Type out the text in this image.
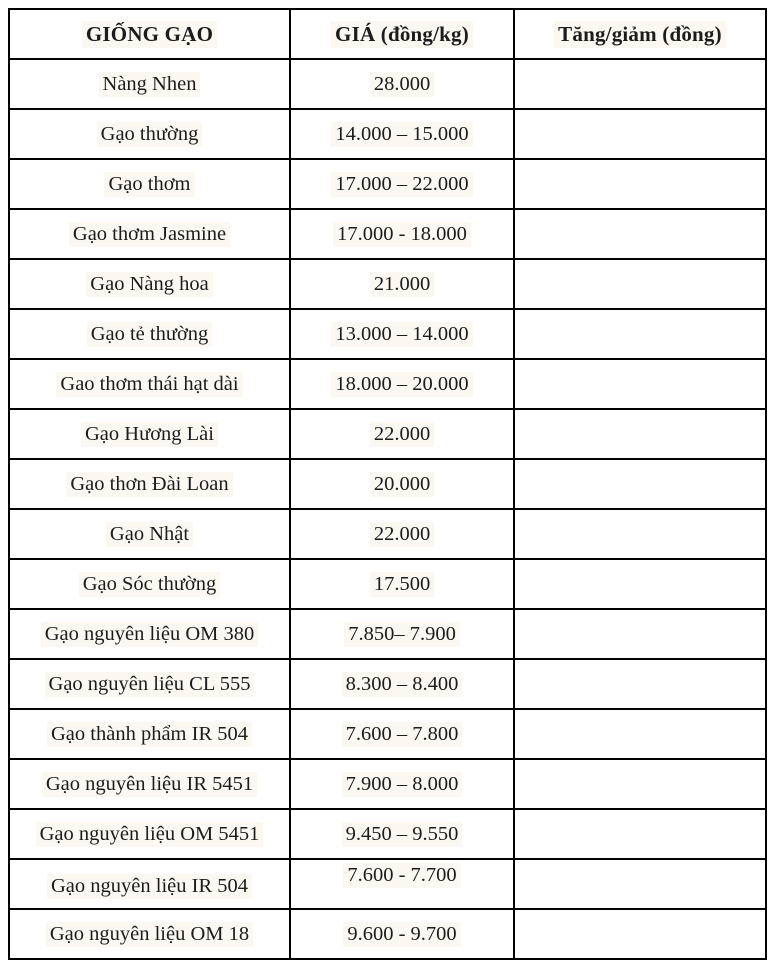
GIỐNG GẠO	GIÁ (đồng/kg)	Tăng/giảm (đồng)
Nàng Nhen	28.000	
Gạo thường	14.000 – 15.000	
Gạo thơm	17.000 – 22.000	
Gạo thơm Jasmine	17.000 - 18.000	
Gạo Nàng hoa	21.000	
Gạo tẻ thường	13.000 – 14.000	
Gao thơm thái hạt dài	18.000 – 20.000	
Gạo Hương Lài	22.000	
Gạo thơn Đài Loan	20.000	
Gạo Nhật	22.000	
Gạo Sóc thường	17.500	
Gạo nguyên liệu OM 380	7.850– 7.900	
Gạo nguyên liệu CL 555	8.300 – 8.400	
Gạo thành phẩm IR 504	7.600 – 7.800	
Gạo nguyên liệu IR 5451	7.900 – 8.000	
Gạo nguyên liệu OM 5451	9.450 – 9.550	
Gạo nguyên liệu IR 504	7.600 - 7.700	
Gạo nguyên liệu OM 18	9.600 - 9.700	
